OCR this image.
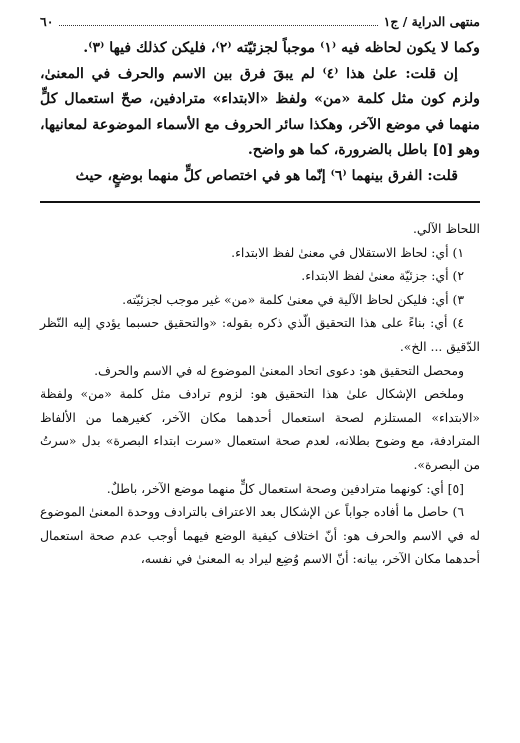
منتهى الدراية / ج١
٦٠

وكما لا يكون لحاظه فيه ⁽١⁾ موجباً لجزئيّته ⁽٢⁾، فليكن كذلك فيها ⁽٣⁾.

إن قلت: علىٰ هذا ⁽٤⁾ لم يبقَ فرق بين الاسم والحرف في المعنىٰ، ولزم كون مثل كلمة «من» ولفظ «الابتداء» مترادفين، صحّ استعمال كلٍّ منهما في موضع الآخر، وهكذا سائر الحروف مع الأسماء الموضوعة لمعانيها، وهو [٥] باطل بالضرورة، كما هو واضح.

قلت: الفرق بينهما ⁽٦⁾ إنّما هو في اختصاص كلٍّ منهما بوضعٍ، حيث

اللحاظ الآلي.

١) أي: لحاظ الاستقلال في معنىٰ لفظ الابتداء.

٢) أي: جزئيّة معنىٰ لفظ الابتداء.

٣) أي: فليكن لحاظ الآلية في معنىٰ كلمة «من» غير موجب لجزئيّته.

٤) أي: بناءً على هذا التحقيق الّذي ذكره بقوله: «والتحقيق حسبما يؤدي إليه النّظر الدّقيق ... الخ».

ومحصل التحقيق هو: دعوى اتحاد المعنىٰ الموضوع له في الاسم والحرف.

وملخص الإشكال علىٰ هذا التحقيق هو: لزوم ترادف مثل كلمة «من» ولفظة «الابتداء» المستلزم لصحة استعمال أحدهما مكان الآخر، كغيرهما من الألفاظ المترادفة، مع وضوح بطلانه، لعدم صحة استعمال «سرت ابتداء البصرة» بدل «سرتُ من البصرة».

[٥] أي: كونهما مترادفين وصحة استعمال كلٍّ منهما موضع الآخر، باطلٌ.

٦) حاصل ما أفاده جواباً عن الإشكال بعد الاعتراف بالترادف ووحدة المعنىٰ الموضوع له في الاسم والحرف هو: أنّ اختلاف كيفية الوضع فيهما أوجب عدم صحة استعمال أحدهما مكان الآخر، بيانه: أنّ الاسم وُضِع ليراد به المعنىٰ في نفسه،
